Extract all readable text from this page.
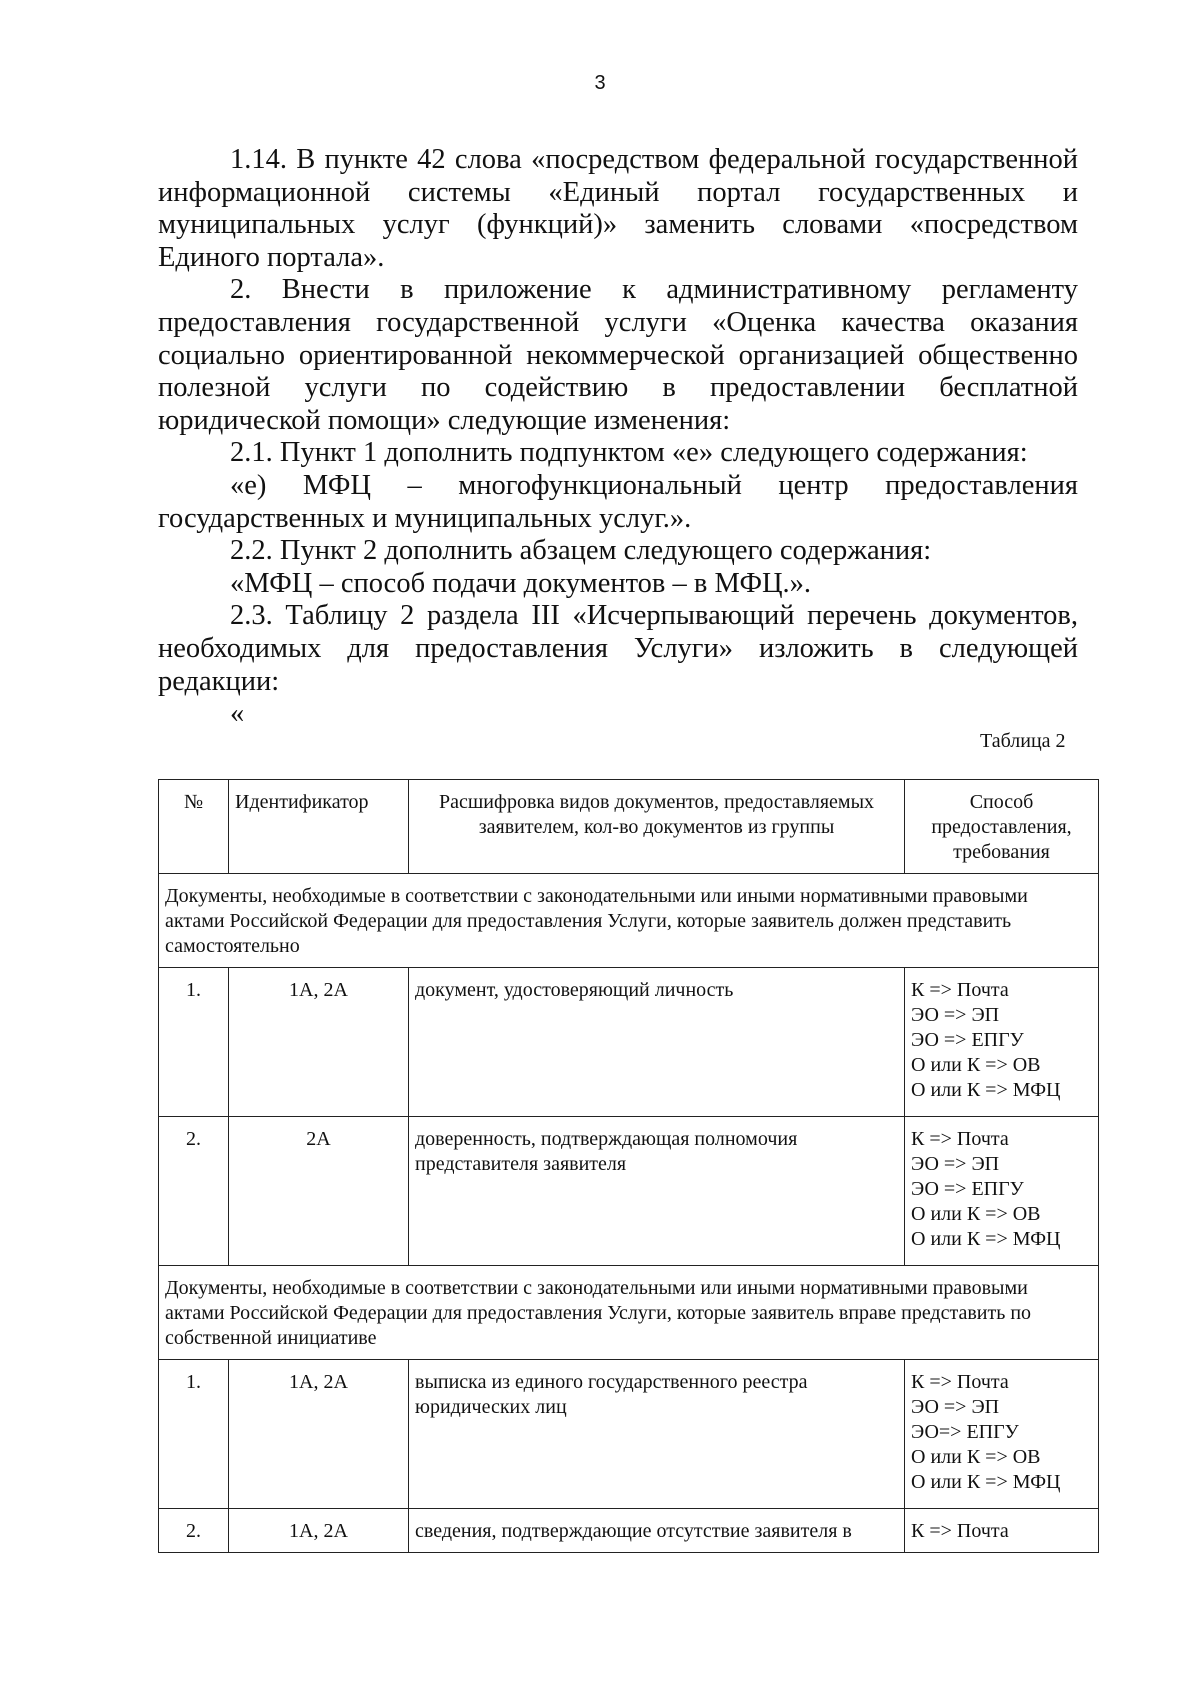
3

1.14. В пункте 42 слова «посредством федеральной государственной информационной системы «Единый портал государственных и муниципальных услуг (функций)» заменить словами «посредством Единого портала».

2. Внести в приложение к административному регламенту предоставления государственной услуги «Оценка качества оказания социально ориентированной некоммерческой организацией общественно полезной услуги по содействию в предоставлении бесплатной юридической помощи» следующие изменения:

2.1. Пункт 1 дополнить подпунктом «е» следующего содержания:

«е) МФЦ – многофункциональный центр предоставления государственных и муниципальных услуг.».

2.2. Пункт 2 дополнить абзацем следующего содержания:

«МФЦ – способ подачи документов – в МФЦ.».

2.3. Таблицу 2 раздела III «Исчерпывающий перечень документов, необходимых для предоставления Услуги» изложить в следующей редакции:

«

Таблица 2
№	Идентификатор	Расшифровка видов документов, предоставляемых заявителем, кол-во документов из группы	Способ предоставления, требования
Документы, необходимые в соответствии с законодательными или иными нормативными правовыми актами Российской Федерации для предоставления Услуги, которые заявитель должен представить самостоятельно			
1.	1А, 2А	документ, удостоверяющий личность	К => Почта
ЭО => ЭП
ЭО => ЕПГУ
О или К => ОВ
О или К => МФЦ

2.	2А	доверенность, подтверждающая полномочия представителя заявителя	К => Почта
ЭО => ЭП
ЭО => ЕПГУ
О или К => ОВ
О или К => МФЦ

Документы, необходимые в соответствии с законодательными или иными нормативными правовыми актами Российской Федерации для предоставления Услуги, которые заявитель вправе представить по собственной инициативе			
1.	1А, 2А	выписка из единого государственного реестра юридических лиц	К => Почта
ЭО => ЭП
ЭО=> ЕПГУ
О или К => ОВ
О или К => МФЦ

2.	1А, 2А	сведения, подтверждающие отсутствие заявителя в	К => Почта
